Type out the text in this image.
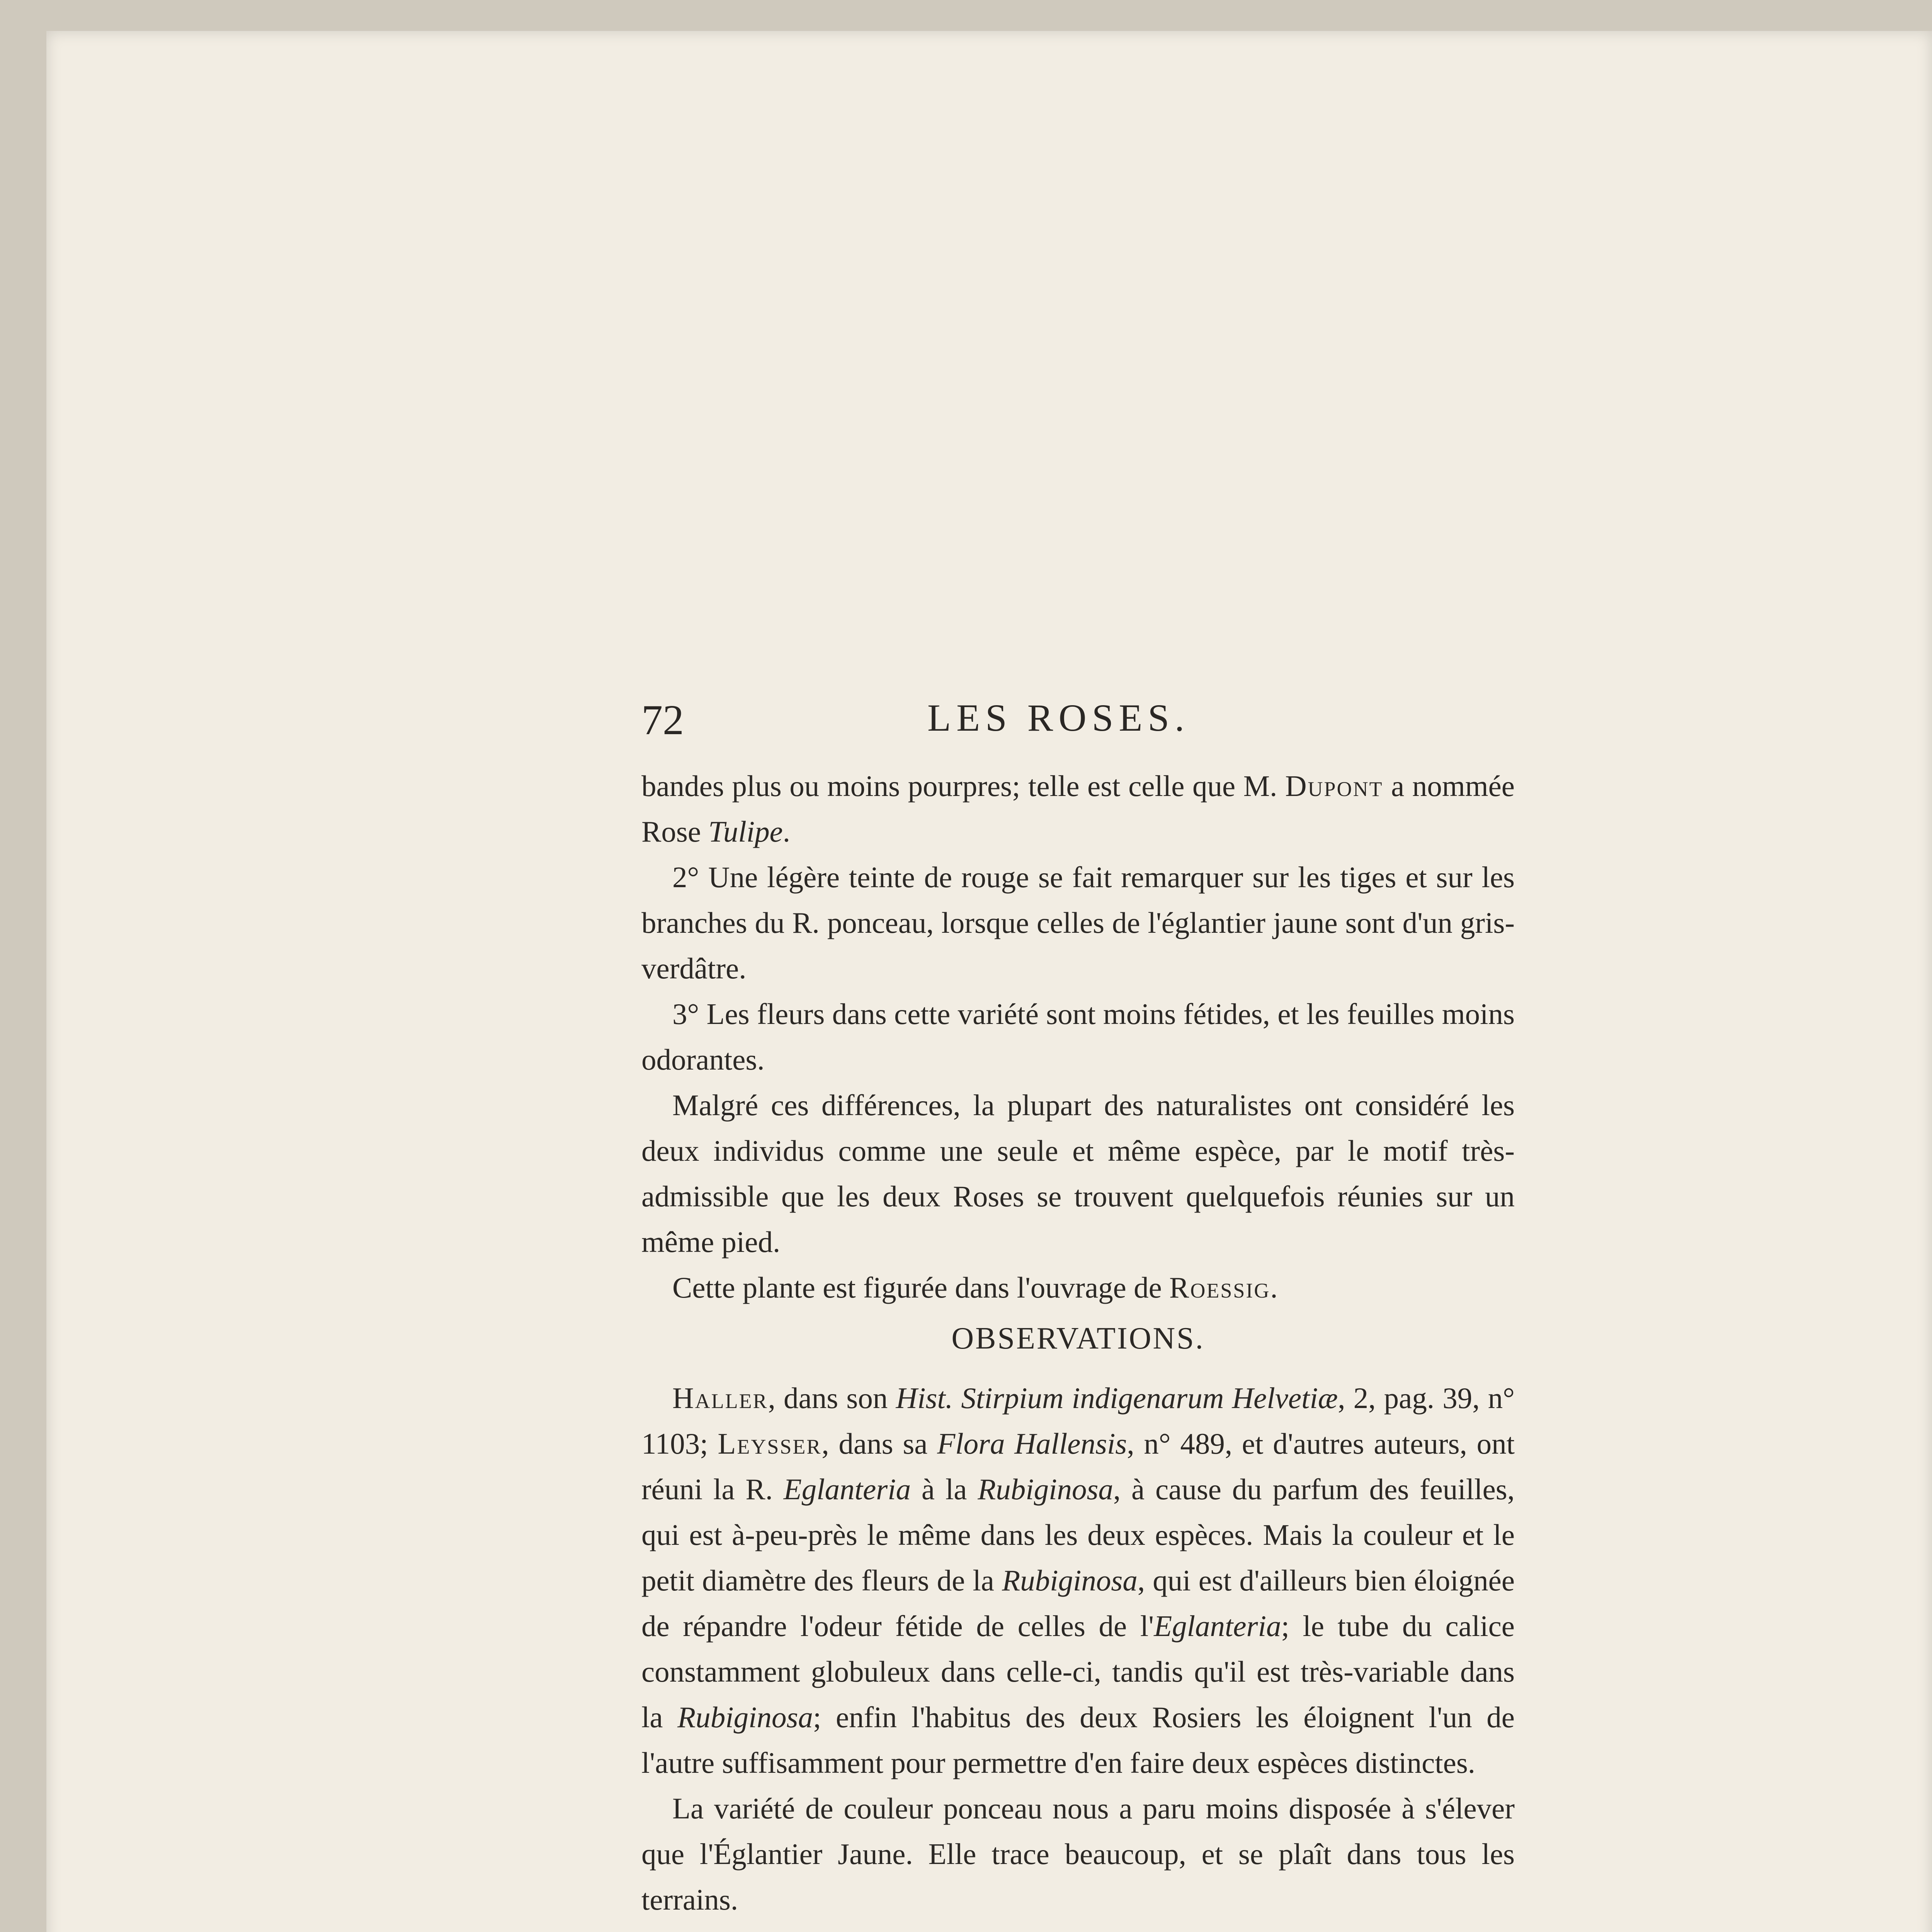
72	LES ROSES.

bandes plus ou moins pourpres; telle est celle que M. Dupont a nommée Rose Tulipe.

2° Une légère teinte de rouge se fait remarquer sur les tiges et sur les branches du R. ponceau, lorsque celles de l'églantier jaune sont d'un gris-verdâtre.

3° Les fleurs dans cette variété sont moins fétides, et les feuilles moins odorantes.

Malgré ces différences, la plupart des naturalistes ont considéré les deux individus comme une seule et même espèce, par le motif très-admissible que les deux Roses se trouvent quelquefois réunies sur un même pied.

Cette plante est figurée dans l'ouvrage de Roessig.

OBSERVATIONS.

Haller, dans son Hist. Stirpium indigenarum Helvetiæ, 2, pag. 39, n° 1103; Leysser, dans sa Flora Hallensis, n° 489, et d'autres auteurs, ont réuni la R. Eglanteria à la Rubiginosa, à cause du parfum des feuilles, qui est à-peu-près le même dans les deux espèces. Mais la couleur et le petit diamètre des fleurs de la Rubiginosa, qui est d'ailleurs bien éloignée de répandre l'odeur fétide de celles de l'Eglanteria; le tube du calice constamment globuleux dans celle-ci, tandis qu'il est très-variable dans la Rubiginosa; enfin l'habitus des deux Rosiers les éloignent l'un de l'autre suffisamment pour permettre d'en faire deux espèces distinctes.

La variété de couleur ponceau nous a paru moins disposée à s'élever que l'Églantier Jaune. Elle trace beaucoup, et se plaît dans tous les terrains.
